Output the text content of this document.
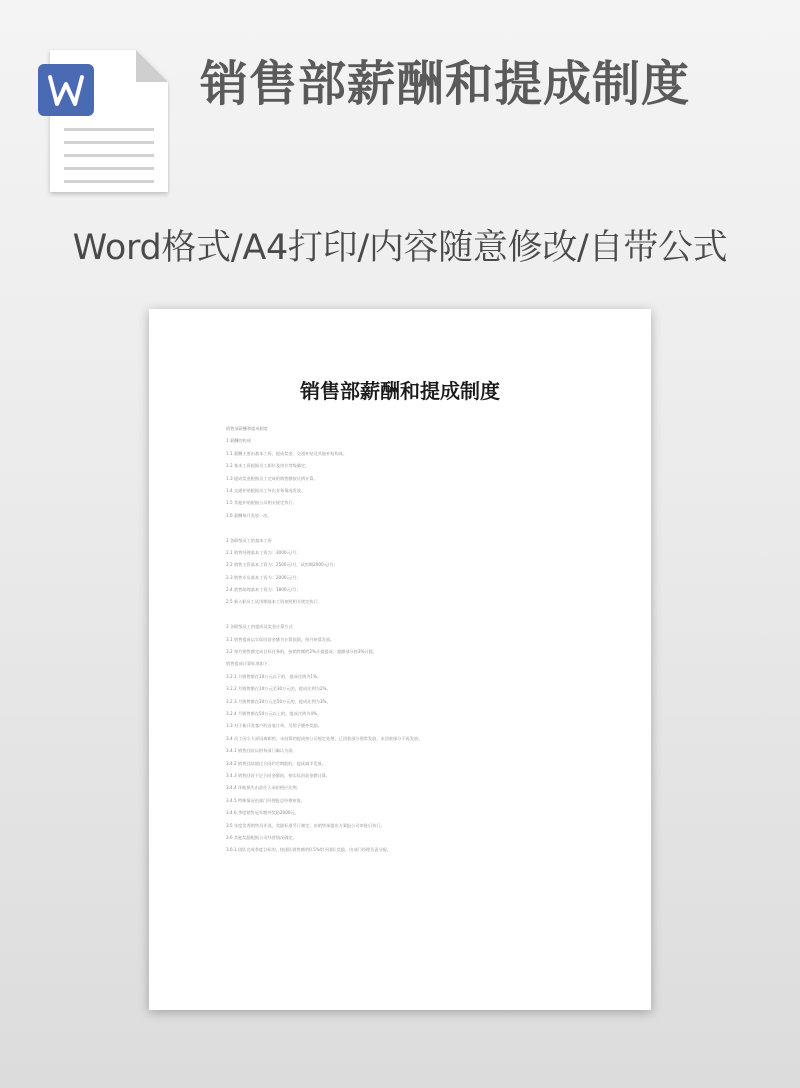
销售部薪酬和提成制度
Word格式/A4打印/内容随意修改/自带公式
销售部薪酬和提成制度
销售部薪酬和提成制度
1 薪酬的构成
1.1 薪酬主要由基本工资、提成奖金、交通补贴及其他补贴构成。
1.2 基本工资根据员工职位及岗位等级确定。
1.3 提成奖金根据员工完成的销售额按比例计算。
1.4 交通补贴根据员工外出业务情况发放。
1.5 其他补贴根据公司相关规定执行。
1.6 薪酬每月发放一次。
2 各职级员工的基本工资
2.1 销售经理基本工资为：3000元/月；
2.2 销售主管基本工资为：2500元/月，试用期2000元/月；
2.3 销售专员基本工资为：2000元/月；
2.4 销售助理基本工资为：1800元/月；
2.5 新入职员工试用期基本工资按照相关规定执行。
3 各职级员工的提成及奖金计算方式
3.1 销售提成以实际回款金额为计算依据，按月核算发放。
3.2 每月销售额完成目标任务的，按销售额的2%计提提成；超额部分按3%计提。
销售提成计算标准如下：
3.2.1 月销售额在10万元以下的，提成比例为1%。
3.2.2 月销售额在10万元至30万元的，提成比例为2%。
3.2.3 月销售额在30万元至50万元的，提成比例为3%。
3.2.4 月销售额在50万元以上的，提成比例为4%。
3.3 对于新开发客户的首笔订单，另给予额外奖励。
3.4 员工因个人原因离职的，未结算的提成按公司规定处理，已回款部分照常发放，未回款部分不再发放。
3.4.1 销售回款以财务部门确认为准。
3.4.2 销售回款超过合同约定期限的，提成减半发放。
3.4.3 销售回款不足合同金额的，按实际回款金额计算。
3.4.4 坏账损失由责任人承担相应比例。
3.4.5 特殊情况由部门经理报总经理审批。
3.4.6 季度销售冠军额外奖励2000元。
3.5 年度优秀销售员评选，奖励标准另行制定，由销售部提出方案报公司审批后执行。
3.6 其他奖励根据公司经营情况确定。
3.6.1 团队完成季度目标的，按团队销售额的0.5%给予团队奖励，由部门经理负责分配。
